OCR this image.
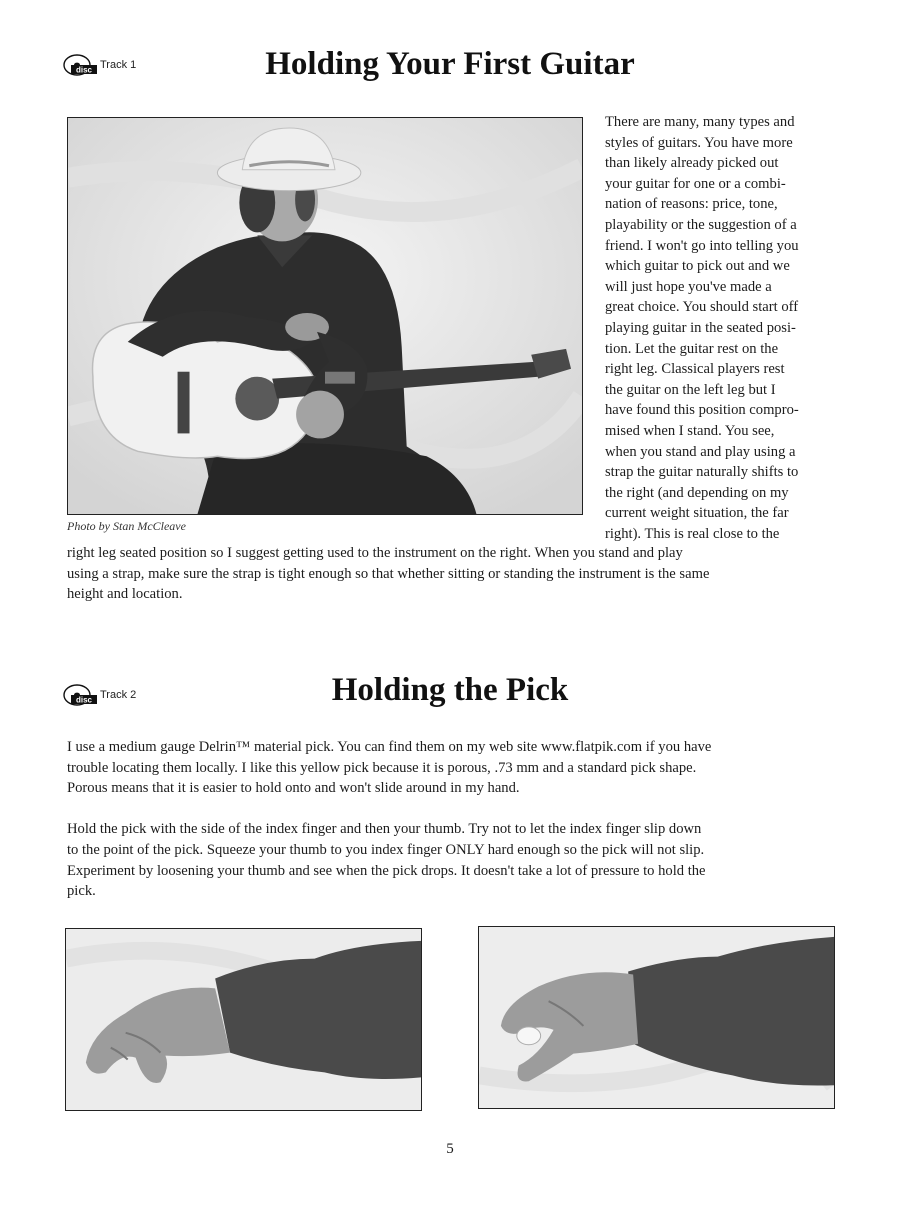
disc Track 1	Holding Your First Guitar
Photo by Stan McCleave

There are many, many types and
styles of guitars. You have more
than likely already picked out
your guitar for one or a combi-
nation of reasons: price, tone,
playability or the suggestion of a
friend. I won't go into telling you
which guitar to pick out and we
will just hope you've made a
great choice. You should start off
playing guitar in the seated posi-
tion. Let the guitar rest on the
right leg. Classical players rest
the guitar on the left leg but I
have found this position compro-
mised when I stand. You see,
when you stand and play using a
strap the guitar naturally shifts to
the right (and depending on my
current weight situation, the far
right). This is real close to the

right leg seated position so I suggest getting used to the instrument on the right. When you stand and play
using a strap, make sure the strap is tight enough so that whether sitting or standing the instrument is the same
height and location.

disc Track 2	Holding the Pick

I use a medium gauge Delrin™ material pick. You can find them on my web site www.flatpik.com if you have
trouble locating them locally. I like this yellow pick because it is porous, .73 mm and a standard pick shape.
Porous means that it is easier to hold onto and won't slide around in my hand.

Hold the pick with the side of the index finger and then your thumb. Try not to let the index finger slip down
to the point of the pick. Squeeze your thumb to you index finger ONLY hard enough so the pick will not slip.
Experiment by loosening your thumb and see when the pick drops. It doesn't take a lot of pressure to hold the
pick.

5
